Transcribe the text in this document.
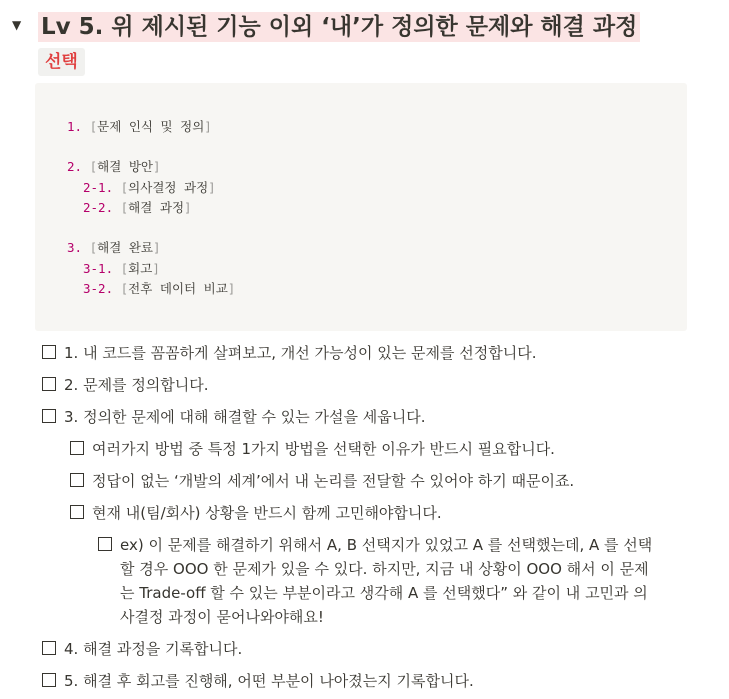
▼ Lv 5. 위 제시된 기능 이외 ‘내’가 정의한 문제와 해결 과정
선택
1. [문제 인식 및 정의]
2. [해결 방안]
2-1. [의사결정 과정]
2-2. [해결 과정]
3. [해결 완료]
3-1. [회고]
3-2. [전후 데이터 비교]
1. 내 코드를 꼼꼼하게 살펴보고, 개선 가능성이 있는 문제를 선정합니다.
2. 문제를 정의합니다.
3. 정의한 문제에 대해 해결할 수 있는 가설을 세웁니다.
여러가지 방법 중 특정 1가지 방법을 선택한 이유가 반드시 필요합니다.
정답이 없는 ‘개발의 세계’에서 내 논리를 전달할 수 있어야 하기 때문이죠.
현재 내(팀/회사) 상황을 반드시 함께 고민해야합니다.
ex) 이 문제를 해결하기 위해서 A, B 선택지가 있었고 A 를 선택했는데, A 를 선택
할 경우 OOO 한 문제가 있을 수 있다. 하지만, 지금 내 상황이 OOO 해서 이 문제
는 Trade-off 할 수 있는 부분이라고 생각해 A 를 선택했다” 와 같이 내 고민과 의
사결정 과정이 묻어나와야해요!
4. 해결 과정을 기록합니다.
5. 해결 후 회고를 진행해, 어떤 부분이 나아졌는지 기록합니다.
